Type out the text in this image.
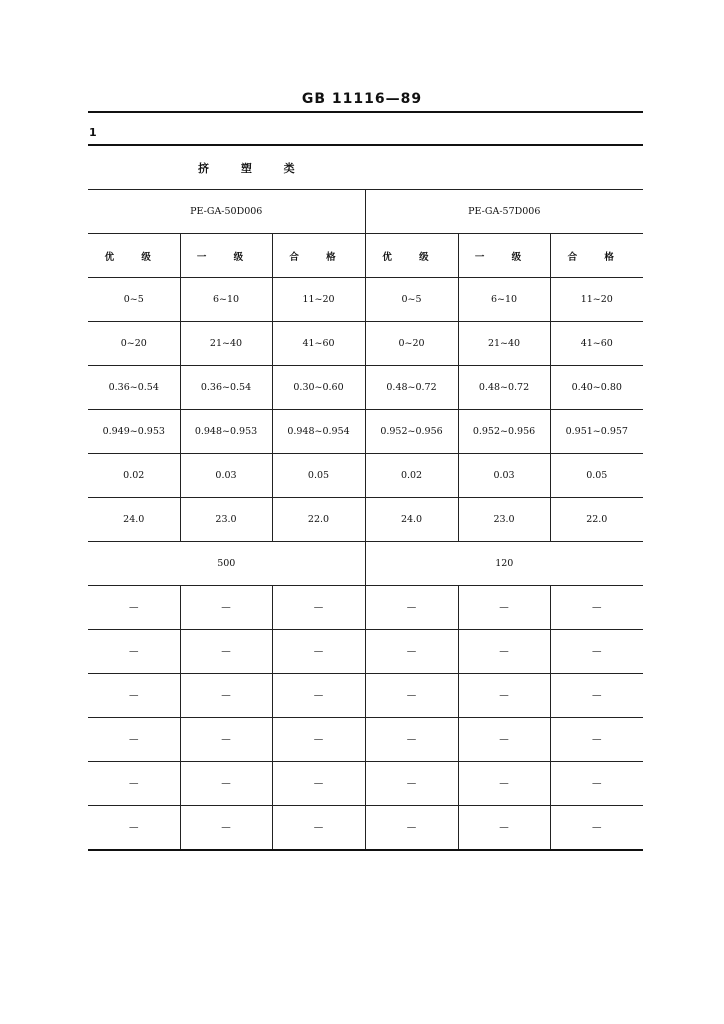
GB 11116—89
1
挤 塑 类
PE-GA-50D006			PE-GA-57D006		
优 级	一 级	合 格	优 级	一 级	合 格
0~5	6~10	11~20	0~5	6~10	11~20
0~20	21~40	41~60	0~20	21~40	41~60
0.36~0.54	0.36~0.54	0.30~0.60	0.48~0.72	0.48~0.72	0.40~0.80
0.949~0.953	0.948~0.953	0.948~0.954	0.952~0.956	0.952~0.956	0.951~0.957
0.02	0.03	0.05	0.02	0.03	0.05
24.0	23.0	22.0	24.0	23.0	22.0
500			120		
—	—	—	—	—	—
—	—	—	—	—	—
—	—	—	—	—	—
—	—	—	—	—	—
—	—	—	—	—	—
—	—	—	—	—	—
